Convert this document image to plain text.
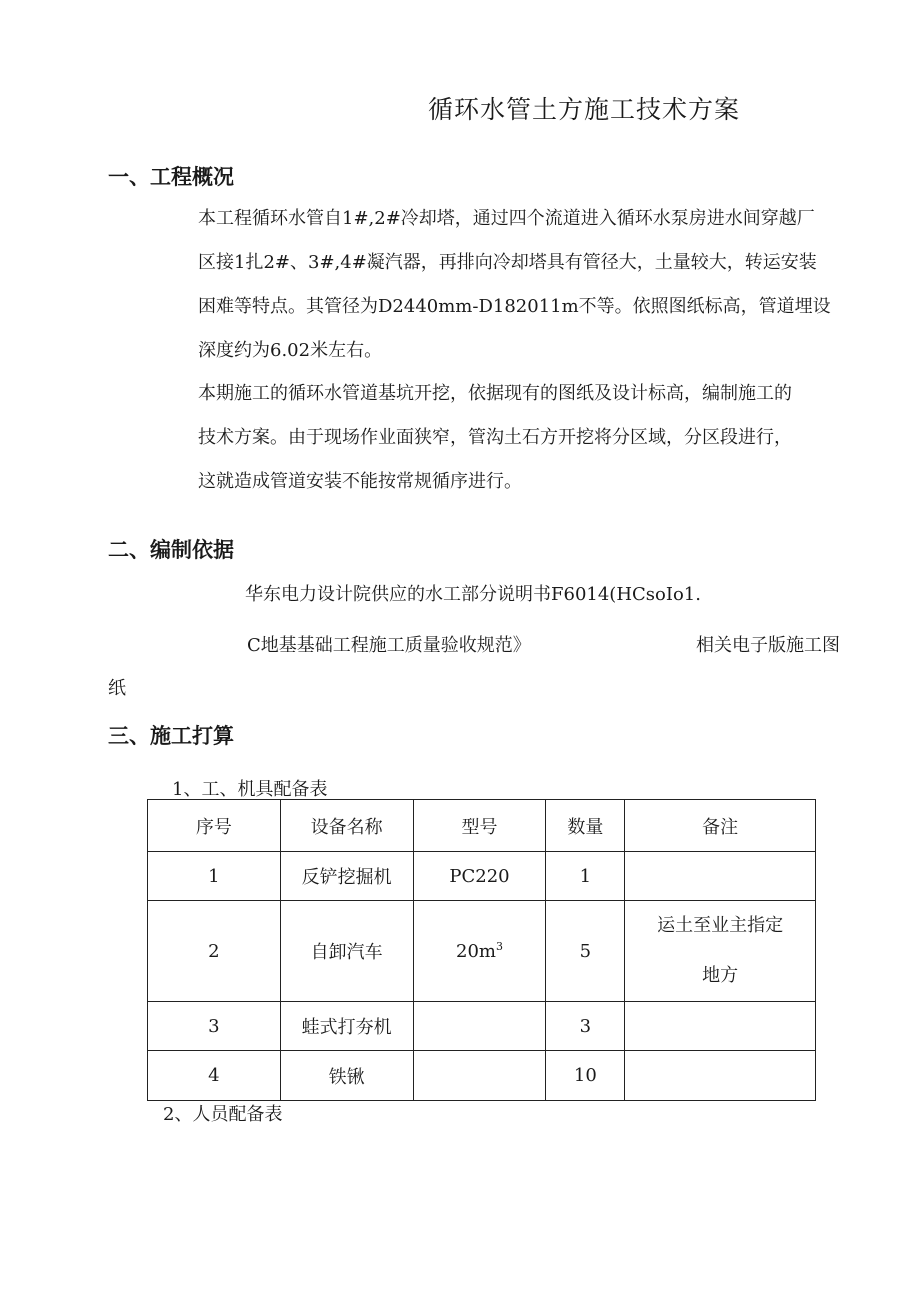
循环水管土方施工技术方案
一、工程概况
本工程循环水管自1#,2#冷却塔，通过四个流道进入循环水泵房进水间穿越厂
区接1扎2#、3#,4#凝汽器，再排向冷却塔具有管径大，土量较大，转运安装
困难等特点。其管径为D2440mm-D182011m不等。依照图纸标高，管道埋设
深度约为6.02米左右。
本期施工的循环水管道基坑开挖，依据现有的图纸及设计标高，编制施工的
技术方案。由于现场作业面狭窄，管沟土石方开挖将分区域，分区段进行，
这就造成管道安装不能按常规循序进行。
二、编制依据
华东电力设计院供应的水工部分说明书F6014(HCsoIo1.
C地基基础工程施工质量验收规范》	相关电子版施工图
纸
三、施工打算
1、工、机具配备表
序号	设备名称	型号	数量	备注
1	反铲挖掘机	PC220	1	
2	自卸汽车	$20m^3$	5	运土至业主指定
地方

3	蛙式打夯机		3	
4	铁锹		10	
2、人员配备表
